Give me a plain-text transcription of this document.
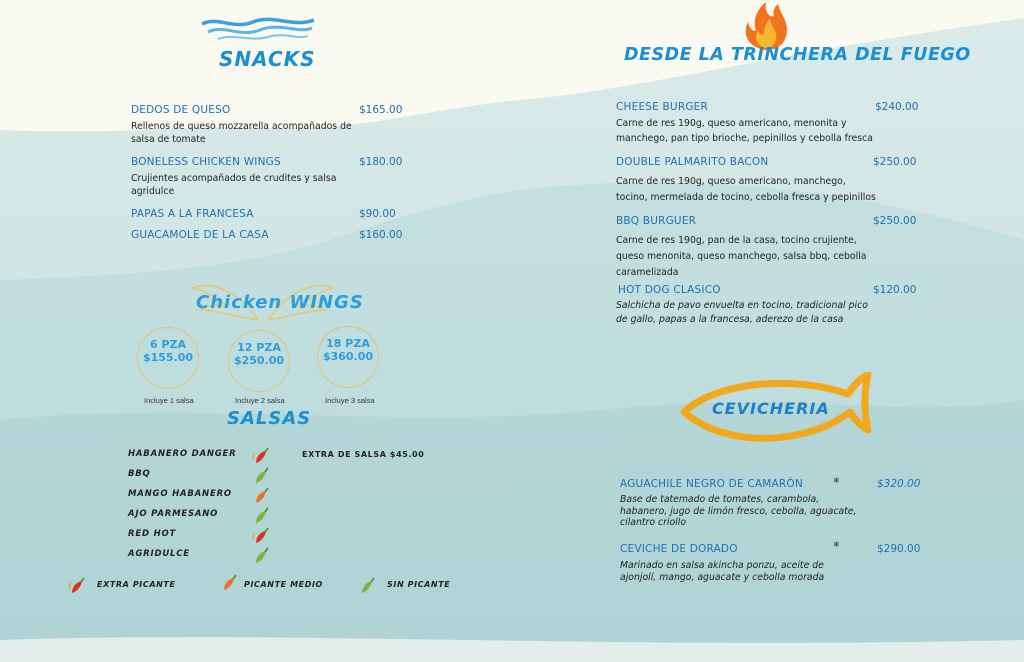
SNACKS
DEDOS DE QUESO	$165.00
Rellenos de queso mozzarella acompañados de salsa de tomate
BONELESS CHICKEN WINGS	$180.00
Crujientes acompañados de crudites y salsa agridulce
PAPAS A LA FRANCESA	$90.00
GUACAMOLE DE LA CASA	$160.00
Chicken WINGS
6 PZA
$155.00
12 PZA
$250.00
18 PZA
$360.00
Incluye 1 salsa	Incluye 2 salsa	Incluye 3 salsa
SALSAS
EXTRA DE SALSA $45.00
HABANERO DANGER
BBQ
MANGO HABANERO
AJO PARMESANO
RED HOT
AGRIDULCE
EXTRA PICANTE	PICANTE MEDIO	SIN PICANTE
DESDE LA TRINCHERA DEL FUEGO
CHEESE BURGER	$240.00
Carne de res 190g, queso americano, menonita y manchego, pan tipo brioche, pepinillos y cebolla fresca
DOUBLE PALMARITO BACON	$250.00
Carne de res 190g, queso americano, manchego, tocino, mermelada de tocino, cebolla fresca y pepinillos
BBQ BURGUER	$250.00
Carne de res 190g, pan de la casa, tocino crujiente, queso menonita, queso manchego, salsa bbq, cebolla caramelizada
HOT DOG CLASICO	$120.00
Salchicha de pavo envuelta en tocino, tradicional pico de gallo, papas a la francesa, aderezo de la casa
CEVICHERIA
AGUACHILE NEGRO DE CAMARÓN *	$320.00
Base de tatemado de tomates, carambola, habanero, jugo de limón fresco, cebolla, aguacate, cilantro criollo
CEVICHE DE DORADO	*	$290.00
Marinado en salsa akincha ponzu, aceite de ajonjolí, mango, aguacate y cebolla morada
